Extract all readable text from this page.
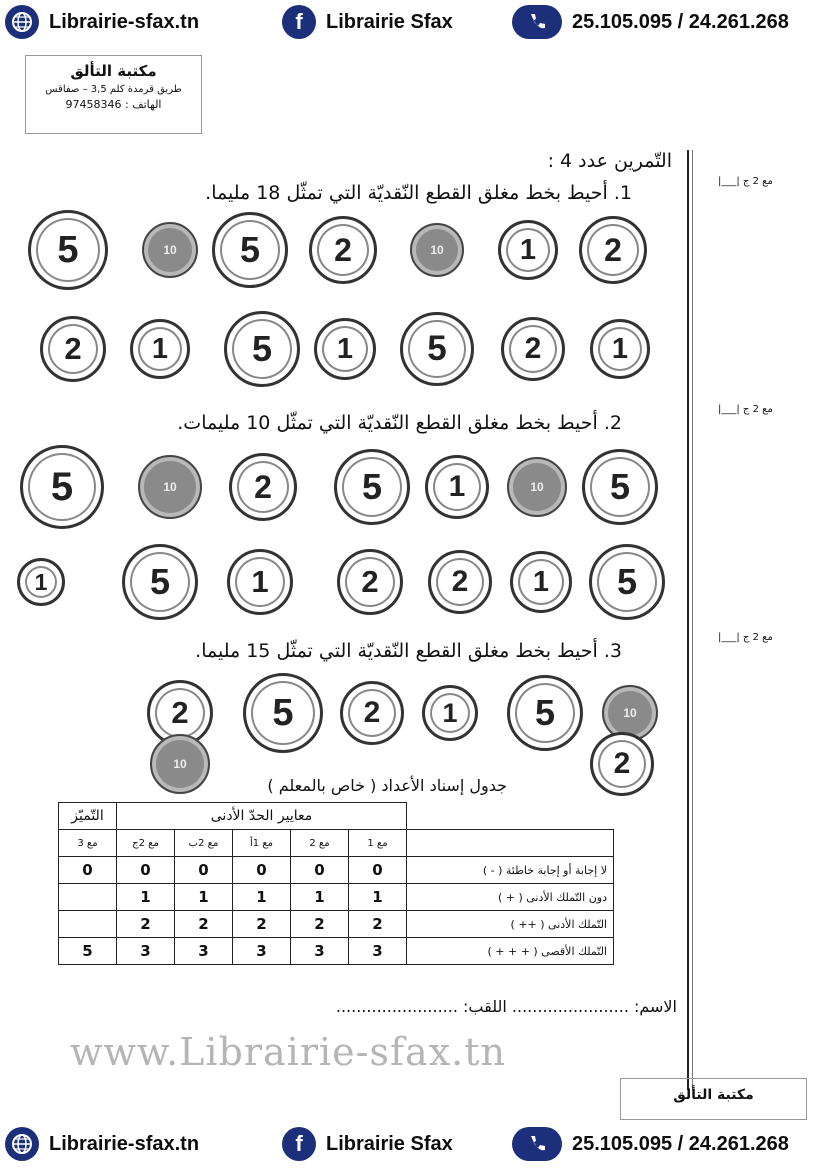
Librairie-sfax.tn	f Librairie Sfax	25.105.095 / 24.261.268
مكتبة التألق
طريق قرمدة كلم 3,5 – صفاقس
97458346 : الهاتف
مع 2 ج |___|
مع 2 ج |___|
مع 2 ج |___|
التّمرين عدد 4 :
1. أحيط بخط مغلق القطع النّقديّة التي تمثّل 18 مليما.
2. أحيط بخط مغلق القطع النّقديّة التي تمثّل 10 مليمات.
3. أحيط بخط مغلق القطع النّقديّة التي تمثّل 15 مليما.
2
1
10
2
5
10
5
1
2
5
1
5
1
2
5
10
1
5
2
10
5
5
1
2
2
1
5
1
10
5
1
2
5
2
2
10
جدول إسناد الأعداد ( خاص بالمعلم )
	معايير الحدّ الأدنى					التّميّز
	مع 1	مع 2	مع 1أ	مع 2ب	مع 2ج	مع 3
لا إجابة أو إجابة خاطئة ( - )	0	0	0	0	0	0
دون التّملك الأدنى ( + )	1	1	1	1	1	
التّملك الأدنى ( ++ )	2	2	2	2	2	
التّملك الأقصى ( + + + )	3	3	3	3	3	5
الاسم: ....................... اللقب: ........................
www.Librairie-sfax.tn
مكتبة التألق
Librairie-sfax.tn	f Librairie Sfax	25.105.095 / 24.261.268
